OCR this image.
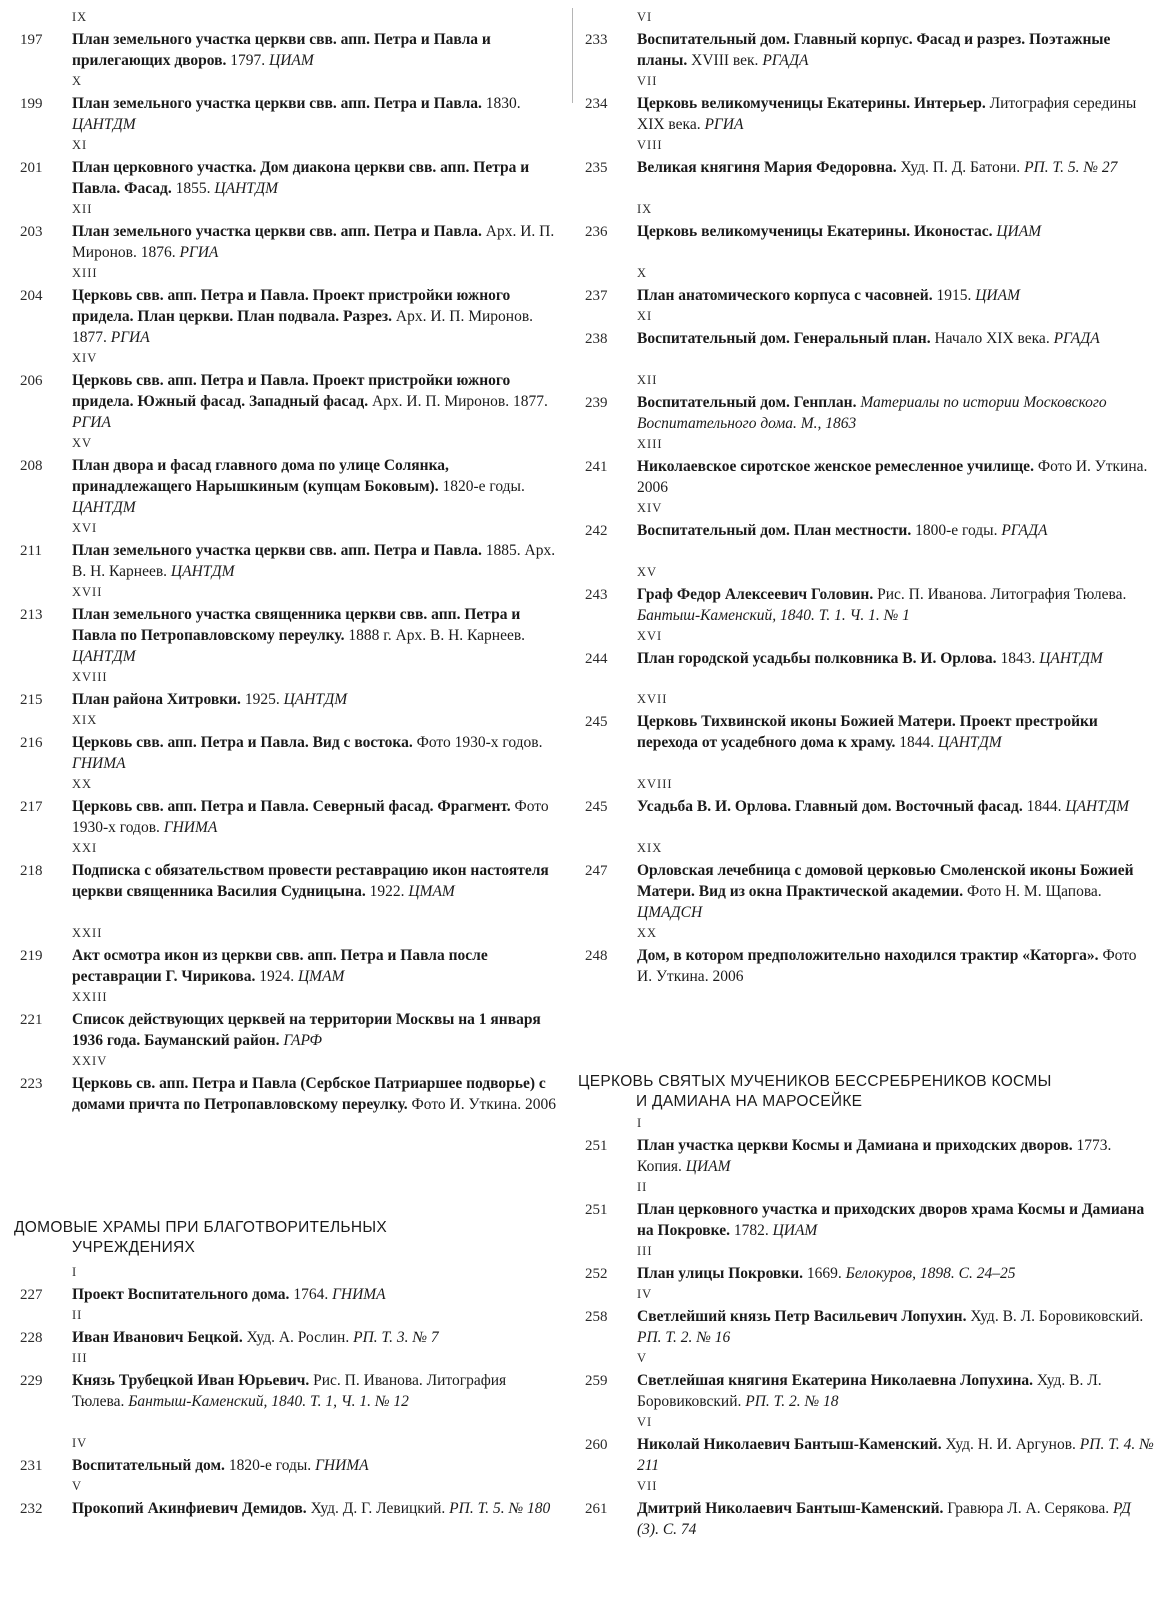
IX
197 План земельного участка церкви свв. апп. Петра и Павла и прилегающих дворов. 1797. ЦИАМ
X
199 План земельного участка церкви свв. апп. Петра и Павла. 1830. ЦАНТДМ
XI
201 План церковного участка. Дом диакона церкви свв. апп. Петра и Павла. Фасад. 1855. ЦАНТДМ
XII
203 План земельного участка церкви свв. апп. Петра и Павла. Арх. И. П. Миронов. 1876. РГИА
XIII
204 Церковь свв. апп. Петра и Павла. Проект пристройки южного придела. План церкви. План подвала. Разрез. Арх. И. П. Миронов. 1877. РГИА
XIV
206 Церковь свв. апп. Петра и Павла. Проект пристройки южного придела. Южный фасад. Западный фасад. Арх. И. П. Миронов. 1877. РГИА
XV
208 План двора и фасад главного дома по улице Солянка, принадлежащего Нарышкиным (купцам Боковым). 1820-е годы. ЦАНТДМ
XVI
211 План земельного участка церкви свв. апп. Петра и Павла. 1885. Арх. В. Н. Карнеев. ЦАНТДМ
XVII
213 План земельного участка священника церкви свв. апп. Петра и Павла по Петропавловскому переулку. 1888 г. Арх. В. Н. Карнеев. ЦАНТДМ
XVIII
215 План района Хитровки. 1925. ЦАНТДМ
XIX
216 Церковь свв. апп. Петра и Павла. Вид с востока. Фото 1930-х годов. ГНИМА
XX
217 Церковь свв. апп. Петра и Павла. Северный фасад. Фрагмент. Фото 1930-х годов. ГНИМА
XXI
218 Подписка с обязательством провести реставрацию икон настоятеля церкви священника Василия Судницына. 1922. ЦМАМ
XXII
219 Акт осмотра икон из церкви свв. апп. Петра и Павла после реставрации Г. Чирикова. 1924. ЦМАМ
XXIII
221 Список действующих церквей на территории Москвы на 1 января 1936 года. Бауманский район. ГАРФ
XXIV
223 Церковь св. апп. Петра и Павла (Сербское Патриаршее подворье) с домами причта по Петропавловскому переулку. Фото И. Уткина. 2006
ДОМОВЫЕ ХРАМЫ ПРИ БЛАГОТВОРИТЕЛЬНЫХ
УЧРЕЖДЕНИЯХ
I
227 Проект Воспитательного дома. 1764. ГНИМА
II
228 Иван Иванович Бецкой. Худ. А. Рослин. РП. Т. 3. № 7
III
229 Князь Трубецкой Иван Юрьевич. Рис. П. Иванова. Литография Тюлева. Бантыш-Каменский, 1840. Т. 1, Ч. 1. № 12
IV
231 Воспитательный дом. 1820-е годы. ГНИМА
V
232 Прокопий Акинфиевич Демидов. Худ. Д. Г. Левицкий. РП. Т. 5. № 180
VI
233 Воспитательный дом. Главный корпус. Фасад и разрез. Поэтажные планы. XVIII век. РГАДА
VII
234 Церковь великомученицы Екатерины. Интерьер. Литография середины XIX века. РГИА
VIII
235 Великая княгиня Мария Федоровна. Худ. П. Д. Батони. РП. Т. 5. № 27
IX
236 Церковь великомученицы Екатерины. Иконостас. ЦИАМ
X
237 План анатомического корпуса с часовней. 1915. ЦИАМ
XI
238 Воспитательный дом. Генеральный план. Начало XIX века. РГАДА
XII
239 Воспитательный дом. Генплан. Материалы по истории Московского Воспитательного дома. М., 1863
XIII
241 Николаевское сиротское женское ремесленное училище. Фото И. Уткина. 2006
XIV
242 Воспитательный дом. План местности. 1800-е годы. РГАДА
XV
243 Граф Федор Алексеевич Головин. Рис. П. Иванова. Литография Тюлева. Бантыш-Каменский, 1840. Т. 1. Ч. 1. № 1
XVI
244 План городской усадьбы полковника В. И. Орлова. 1843. ЦАНТДМ
XVII
245 Церковь Тихвинской иконы Божией Матери. Проект престройки перехода от усадебного дома к храму. 1844. ЦАНТДМ
XVIII
245 Усадьба В. И. Орлова. Главный дом. Восточный фасад. 1844. ЦАНТДМ
XIX
247 Орловская лечебница с домовой церковью Смоленской иконы Божией Матери. Вид из окна Практической академии. Фото Н. М. Щапова. ЦМАДСН
XX
248 Дом, в котором предположительно находился трактир «Каторга». Фото И. Уткина. 2006
ЦЕРКОВЬ СВЯТЫХ МУЧЕНИКОВ БЕССРЕБРЕНИКОВ КОСМЫ
И ДАМИАНА НА МАРОСЕЙКЕ
I
251 План участка церкви Космы и Дамиана и приходских дворов. 1773. Копия. ЦИАМ
II
251 План церковного участка и приходских дворов храма Космы и Дамиана на Покровке. 1782. ЦИАМ
III
252 План улицы Покровки. 1669. Белокуров, 1898. С. 24–25
IV
258 Светлейший князь Петр Васильевич Лопухин. Худ. В. Л. Боровиковский. РП. Т. 2. № 16
V
259 Светлейшая княгиня Екатерина Николаевна Лопухина. Худ. В. Л. Боровиковский. РП. Т. 2. № 18
VI
260 Николай Николаевич Бантыш-Каменский. Худ. Н. И. Аргунов. РП. Т. 4. № 211
VII
261 Дмитрий Николаевич Бантыш-Каменский. Гравюра Л. А. Серякова. РД (3). С. 74
